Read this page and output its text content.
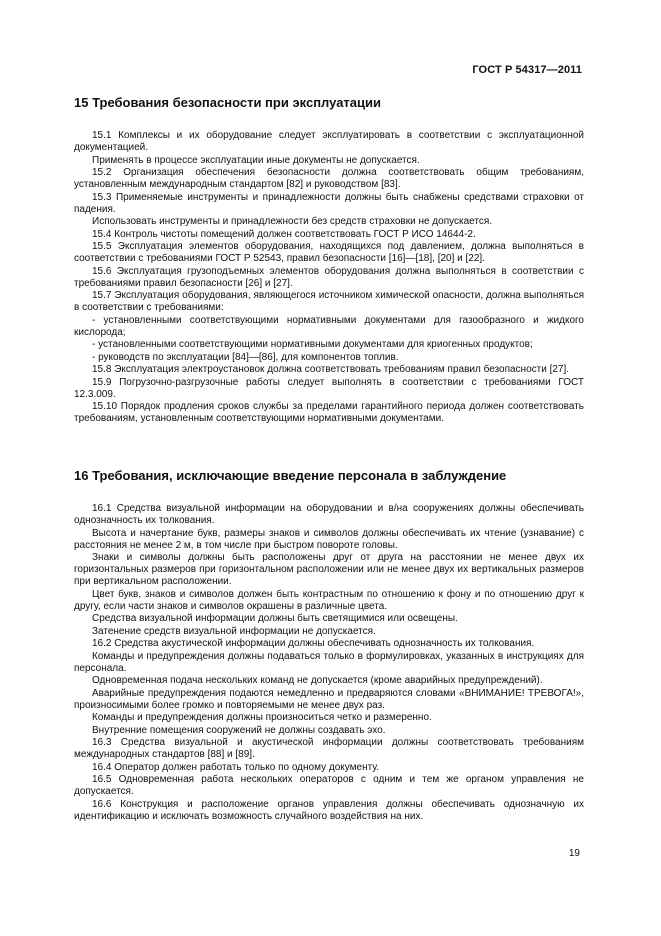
ГОСТ Р 54317—2011
15 Требования безопасности при эксплуатации

15.1 Комплексы и их оборудование следует эксплуатировать в соответствии с эксплуатационной документацией.

Применять в процессе эксплуатации иные документы не допускается.

15.2 Организация обеспечения безопасности должна соответствовать общим требованиям, установленным международным стандартом [82] и руководством [83].

15.3 Применяемые инструменты и принадлежности должны быть снабжены средствами страховки от падения.

Использовать инструменты и принадлежности без средств страховки не допускается.

15.4 Контроль чистоты помещений должен соответствовать ГОСТ Р ИСО 14644-2.

15.5 Эксплуатация элементов оборудования, находящихся под давлением, должна выполняться в соответствии с требованиями ГОСТ Р 52543, правил безопасности [16]—[18], [20] и [22].

15.6 Эксплуатация грузоподъемных элементов оборудования должна выполняться в соответствии с требованиями правил безопасности [26] и [27].

15.7 Эксплуатация оборудования, являющегося источником химической опасности, должна выполняться в соответствии с требованиями:

- установленными соответствующими нормативными документами для газообразного и жидкого кислорода;

- установленными соответствующими нормативными документами для криогенных продуктов;

- руководств по эксплуатации [84]—[86], для компонентов топлив.

15.8 Эксплуатация электроустановок должна соответствовать требованиям правил безопасности [27].

15.9 Погрузочно-разгрузочные работы следует выполнять в соответствии с требованиями ГОСТ 12.3.009.

15.10 Порядок продления сроков службы за пределами гарантийного периода должен соответствовать требованиям, установленным соответствующими нормативными документами.

16 Требования, исключающие введение персонала в заблуждение

16.1 Средства визуальной информации на оборудовании и в/на сооружениях должны обеспечивать однозначность их толкования.

Высота и начертание букв, размеры знаков и символов должны обеспечивать их чтение (узнавание) с расстояния не менее 2 м, в том числе при быстром повороте головы.

Знаки и символы должны быть расположены друг от друга на расстоянии не менее двух их горизонтальных размеров при горизонтальном расположении или не менее двух их вертикальных размеров при вертикальном расположении.

Цвет букв, знаков и символов должен быть контрастным по отношению к фону и по отношению друг к другу, если части знаков и символов окрашены в различные цвета.

Средства визуальной информации должны быть светящимися или освещены.

Затенение средств визуальной информации не допускается.

16.2 Средства акустической информации должны обеспечивать однозначность их толкования.

Команды и предупреждения должны подаваться только в формулировках, указанных в инструкциях для персонала.

Одновременная подача нескольких команд не допускается (кроме аварийных предупреждений).

Аварийные предупреждения подаются немедленно и предваряются словами «ВНИМАНИЕ! ТРЕВОГА!», произносимыми более громко и повторяемыми не менее двух раз.

Команды и предупреждения должны произноситься четко и размеренно.

Внутренние помещения сооружений не должны создавать эхо.

16.3 Средства визуальной и акустической информации должны соответствовать требованиям международных стандартов [88] и [89].

16.4 Оператор должен работать только по одному документу.

16.5 Одновременная работа нескольких операторов с одним и тем же органом управления не допускается.

16.6 Конструкция и расположение органов управления должны обеспечивать однозначную их идентификацию и исключать возможность случайного воздействия на них.

19
